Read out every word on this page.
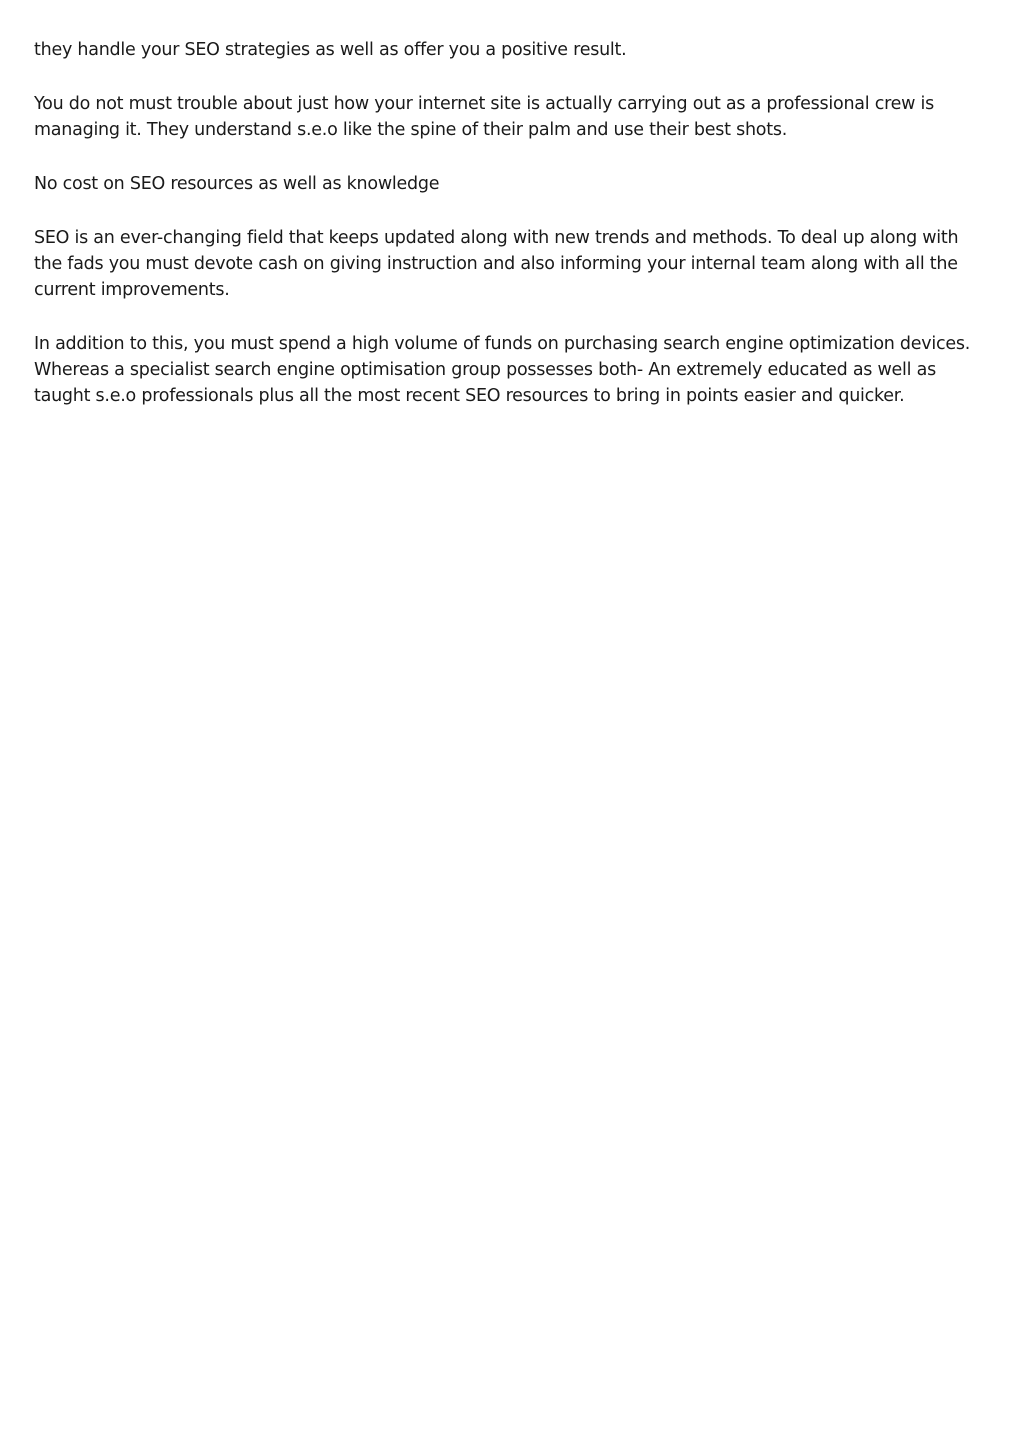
they handle your SEO strategies as well as offer you a positive result.

You do not must trouble about just how your internet site is actually carrying out as a professional crew is managing it. They understand s.e.o like the spine of their palm and use their best shots.

No cost on SEO resources as well as knowledge

SEO is an ever-changing field that keeps updated along with new trends and methods. To deal up along with the fads you must devote cash on giving instruction and also informing your internal team along with all the current improvements.

In addition to this, you must spend a high volume of funds on purchasing search engine optimization devices. Whereas a specialist search engine optimisation group possesses both- An extremely educated as well as taught s.e.o professionals plus all the most recent SEO resources to bring in points easier and quicker.
